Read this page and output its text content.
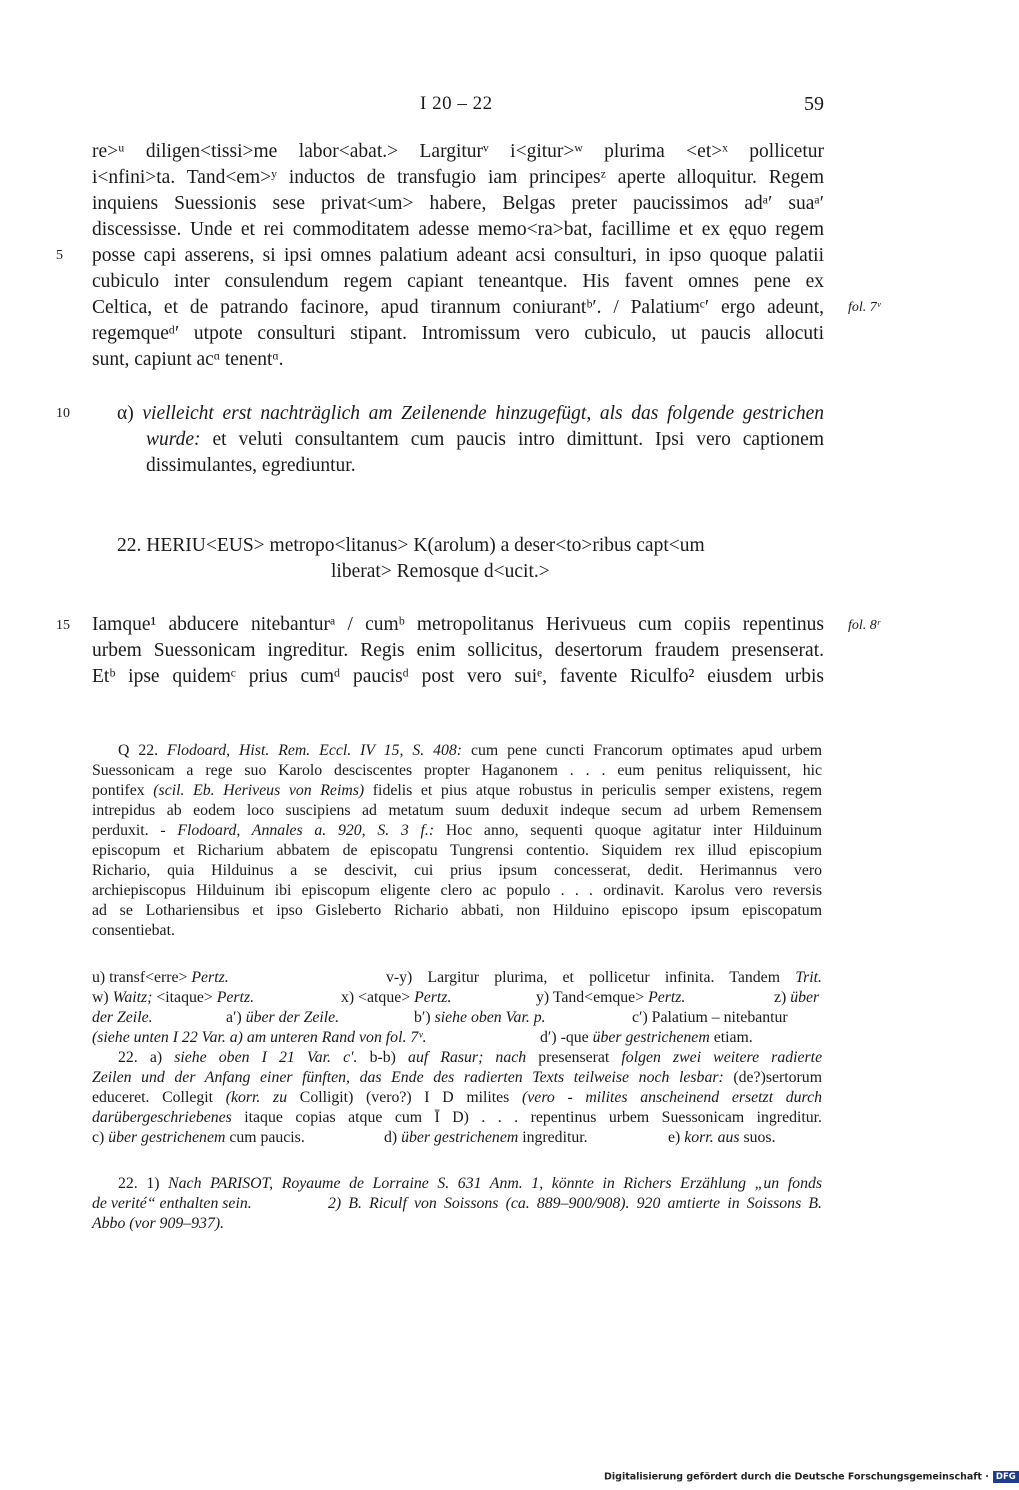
I 20 – 22	59
re>ᵘ diligen<tissi>me labor<abat.> Largiturᵛ i<gitur>ʷ plurima <et>ˣ pollicetur
i<nfini>ta. Tand<em>ʸ inductos de transfugio iam principesᶻ aperte alloquitur. Regem
inquiens Suessionis sese privat<um> habere, Belgas preter paucissimos adᵃ′ suaᵃ′
discessisse. Unde et rei commoditatem adesse memo<ra>bat, facillime et ex ęquo regem
posse capi asserens, si ipsi omnes palatium adeant acsi consulturi, in ipso quoque palatii
cubiculo inter consulendum regem capiant teneantque. His favent omnes pene ex
Celtica, et de patrando facinore, apud tirannum coniurantᵇ′. / Palatiumᶜ′ ergo adeunt,
regemqueᵈ′ utpote consulturi stipant. Intromissum vero cubiculo, ut paucis allocuti
sunt, capiunt acᵅ tenentᵅ.
5
fol. 7ᵛ
10 α) vielleicht erst nachträglich am Zeilenende hinzugefügt, als das folgende gestrichen
wurde: et veluti consultantem cum paucis intro dimittunt. Ipsi vero captionem
dissimulantes, egrediuntur.
22. HERIU<EUS> metropo<litanus> K(arolum) a deser<to>ribus capt<um
liberat> Remosque d<ucit.>
15	fol. 8ʳ
Iamque¹ abducere nitebanturᵃ / cumᵇ metropolitanus Herivueus cum copiis repentinus
urbem Suessonicam ingreditur. Regis enim sollicitus, desertorum fraudem presenserat.
Etᵇ ipse quidemᶜ prius cumᵈ paucisᵈ post vero suiᵉ, favente Riculfo² eiusdem urbis
Q 22. Flodoard, Hist. Rem. Eccl. IV 15, S. 408: cum pene cuncti Francorum optimates apud urbem
Suessonicam a rege suo Karolo desciscentes propter Haganonem . . . eum penitus reliquissent, hic
pontifex (scil. Eb. Heriveus von Reims) fidelis et pius atque robustus in periculis semper existens, regem
intrepidus ab eodem loco suscipiens ad metatum suum deduxit indeque secum ad urbem Remensem
perduxit. - Flodoard, Annales a. 920, S. 3 f.: Hoc anno, sequenti quoque agitatur inter Hilduinum
episcopum et Richarium abbatem de episcopatu Tungrensi contentio. Siquidem rex illud episcopium
Richario, quia Hilduinus a se descivit, cui prius ipsum concesserat, dedit. Herimannus vero
archiepiscopus Hilduinum ibi episcopum eligente clero ac populo . . . ordinavit. Karolus vero reversis
ad se Lothariensibus et ipso Gisleberto Richario abbati, non Hilduino episcopo ipsum episcopatum
consentiebat.
u) transf<erre> Pertz.	v-y) Largitur plurima, et pollicetur infinita. Tandem Trit.
w) Waitz; <itaque> Pertz.	x) <atque> Pertz.	y) Tand<emque> Pertz.	z) über
der Zeile.	a′) über der Zeile.	b′) siehe oben Var. p.	c′) Palatium – nitebantur
(siehe unten I 22 Var. a) am unteren Rand von fol. 7ᵛ.	d′) -que über gestrichenem etiam.
22. a) siehe oben I 21 Var. c′. b-b) auf Rasur; nach presenserat folgen zwei weitere radierte
Zeilen und der Anfang einer fünften, das Ende des radierten Texts teilweise noch lesbar: (de?)sertorum
educeret. Collegit (korr. zu Colligit) (vero?) I D milites (vero - milites anscheinend ersetzt durch
darübergeschriebenes itaque copias atque cum Ī D) . . . repentinus urbem Suessonicam ingreditur.
c) über gestrichenem cum paucis.	d) über gestrichenem ingreditur.	e) korr. aus suos.
22. 1) Nach PARISOT, Royaume de Lorraine S. 631 Anm. 1, könnte in Richers Erzählung „un fonds
de verité“ enthalten sein.	2) B. Riculf von Soissons (ca. 889–900/908). 920 amtierte in Soissons B.
Abbo (vor 909–937).
Digitalisierung gefördert durch die Deutsche Forschungsgemeinschaft · DFG
